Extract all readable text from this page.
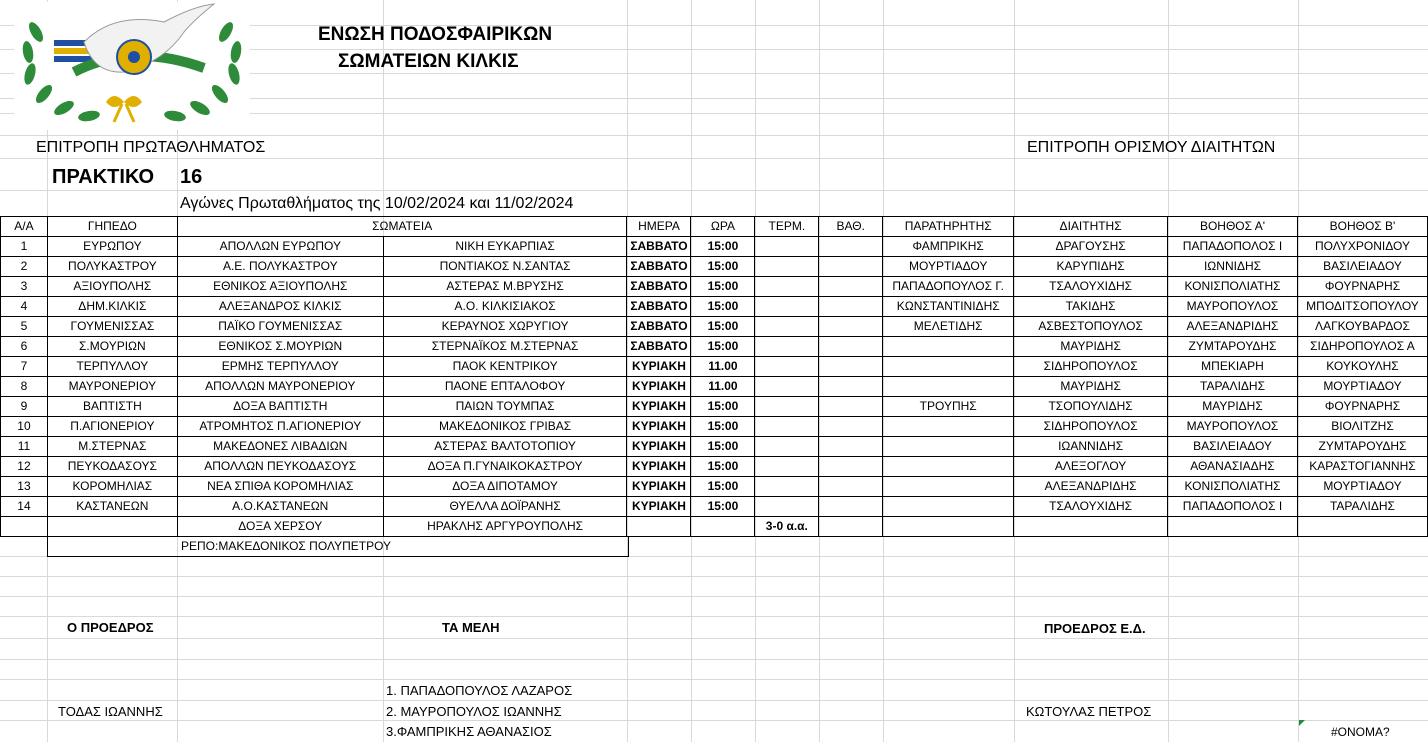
ΕΝΩΣΗ ΠΟΔΟΣΦΑΙΡΙΚΩΝ
ΣΩΜΑΤΕΙΩΝ ΚΙΛΚΙΣ
ΕΠΙΤΡΟΠΗ ΠΡΩΤΑΘΛΗΜΑΤΟΣ	ΕΠΙΤΡΟΠΗ ΟΡΙΣΜΟΥ ΔΙΑΙΤΗΤΩΝ
ΠΡΑΚΤΙΚΟ 16
Αγώνες Πρωταθλήματος της 10/02/2024 και 11/02/2024
Α/Α	ΓΗΠΕΔΟ	ΣΩΜΑΤΕΙΑ		ΗΜΕΡΑ	ΩΡΑ	ΤΕΡΜ.	ΒΑΘ.	ΠΑΡΑΤΗΡΗΤΗΣ	ΔΙΑΙΤΗΤΗΣ	ΒΟΗΘΟΣ Α'	ΒΟΗΘΟΣ Β'
1	ΕΥΡΩΠΟΥ	ΑΠΟΛΛΩΝ ΕΥΡΩΠΟΥ	ΝΙΚΗ ΕΥΚΑΡΠΙΑΣ	ΣΑΒΒΑΤΟ	15:00			ΦΑΜΠΡΙΚΗΣ	ΔΡΑΓΟΥΣΗΣ	ΠΑΠΑΔΟΠΟΛΟΣ Ι	ΠΟΛΥΧΡΟΝΙΔΟΥ
2	ΠΟΛΥΚΑΣΤΡΟΥ	Α.Ε. ΠΟΛΥΚΑΣΤΡΟΥ	ΠΟΝΤΙΑΚΟΣ Ν.ΣΑΝΤΑΣ	ΣΑΒΒΑΤΟ	15:00			ΜΟΥΡΤΙΑΔΟΥ	ΚΑΡΥΠΙΔΗΣ	ΙΩΝΝΙΔΗΣ	ΒΑΣΙΛΕΙΑΔΟΥ
3	ΑΞΙΟΥΠΟΛΗΣ	ΕΘΝΙΚΟΣ ΑΞΙΟΥΠΟΛΗΣ	ΑΣΤΕΡΑΣ Μ.ΒΡΥΣΗΣ	ΣΑΒΒΑΤΟ	15:00			ΠΑΠΑΔΟΠΟΥΛΟΣ Γ.	ΤΣΑΛΟΥΧΙΔΗΣ	ΚΟΝΙΣΠΟΛΙΑΤΗΣ	ΦΟΥΡΝΑΡΗΣ
4	ΔΗΜ.ΚΙΛΚΙΣ	ΑΛΕΞΑΝΔΡΟΣ ΚΙΛΚΙΣ	Α.Ο. ΚΙΛΚΙΣΙΑΚΟΣ	ΣΑΒΒΑΤΟ	15:00			ΚΩΝΣΤΑΝΤΙΝΙΔΗΣ	ΤΑΚΙΔΗΣ	ΜΑΥΡΟΠΟΥΛΟΣ	ΜΠΟΔΙΤΣΟΠΟΥΛΟΥ
5	ΓΟΥΜΕΝΙΣΣΑΣ	ΠΑΪΚΟ ΓΟΥΜΕΝΙΣΣΑΣ	ΚΕΡΑΥΝΟΣ ΧΩΡΥΓΙΟΥ	ΣΑΒΒΑΤΟ	15:00			ΜΕΛΕΤΙΔΗΣ	ΑΣΒΕΣΤΟΠΟΥΛΟΣ	ΑΛΕΞΑΝΔΡΙΔΗΣ	ΛΑΓΚΟΥΒΑΡΔΟΣ
6	Σ.ΜΟΥΡΙΩΝ	ΕΘΝΙΚΟΣ Σ.ΜΟΥΡΙΩΝ	ΣΤΕΡΝΑΪΚΟΣ Μ.ΣΤΕΡΝΑΣ	ΣΑΒΒΑΤΟ	15:00				ΜΑΥΡΙΔΗΣ	ΖΥΜΤΑΡΟΥΔΗΣ	ΣΙΔΗΡΟΠΟΥΛΟΣ Α
7	ΤΕΡΠΥΛΛΟΥ	ΕΡΜΗΣ ΤΕΡΠΥΛΛΟΥ	ΠΑΟΚ ΚΕΝΤΡΙΚΟΥ	ΚΥΡΙΑΚΗ	11.00				ΣΙΔΗΡΟΠΟΥΛΟΣ	ΜΠΕΚΙΑΡΗ	ΚΟΥΚΟΥΛΗΣ
8	ΜΑΥΡΟΝΕΡΙΟΥ	ΑΠΟΛΛΩΝ ΜΑΥΡΟΝΕΡΙΟΥ	ΠΑΟΝΕ ΕΠΤΑΛΟΦΟΥ	ΚΥΡΙΑΚΗ	11.00				ΜΑΥΡΙΔΗΣ	ΤΑΡΑΛΙΔΗΣ	ΜΟΥΡΤΙΑΔΟΥ
9	ΒΑΠΤΙΣΤΗ	ΔΟΞΑ ΒΑΠΤΙΣΤΗ	ΠΑΙΩΝ ΤΟΥΜΠΑΣ	ΚΥΡΙΑΚΗ	15:00			ΤΡΟΥΠΗΣ	ΤΣΟΠΟΥΛΙΔΗΣ	ΜΑΥΡΙΔΗΣ	ΦΟΥΡΝΑΡΗΣ
10	Π.ΑΓΙΟΝΕΡΙΟΥ	ΑΤΡΟΜΗΤΟΣ Π.ΑΓΙΟΝΕΡΙΟΥ	ΜΑΚΕΔΟΝΙΚΟΣ ΓΡΙΒΑΣ	ΚΥΡΙΑΚΗ	15:00				ΣΙΔΗΡΟΠΟΥΛΟΣ	ΜΑΥΡΟΠΟΥΛΟΣ	ΒΙΟΛΙΤΖΗΣ
11	Μ.ΣΤΕΡΝΑΣ	ΜΑΚΕΔΟΝΕΣ ΛΙΒΑΔΙΩΝ	ΑΣΤΕΡΑΣ ΒΑΛΤΟΤΟΠΙΟΥ	ΚΥΡΙΑΚΗ	15:00				ΙΩΑΝΝΙΔΗΣ	ΒΑΣΙΛΕΙΑΔΟΥ	ΖΥΜΤΑΡΟΥΔΗΣ
12	ΠΕΥΚΟΔΑΣΟΥΣ	ΑΠΟΛΛΩΝ ΠΕΥΚΟΔΑΣΟΥΣ	ΔΟΞΑ Π.ΓΥΝΑΙΚΟΚΑΣΤΡΟΥ	ΚΥΡΙΑΚΗ	15:00				ΑΛΕΞΟΓΛΟΥ	ΑΘΑΝΑΣΙΑΔΗΣ	ΚΑΡΑΣΤΟΓΙΑΝΝΗΣ
13	ΚΟΡΟΜΗΛΙΑΣ	ΝΕΑ ΣΠΙΘΑ ΚΟΡΟΜΗΛΙΑΣ	ΔΟΞΑ ΔΙΠΟΤΑΜΟΥ	ΚΥΡΙΑΚΗ	15:00				ΑΛΕΞΑΝΔΡΙΔΗΣ	ΚΟΝΙΣΠΟΛΙΑΤΗΣ	ΜΟΥΡΤΙΑΔΟΥ
14	ΚΑΣΤΑΝΕΩΝ	Α.Ο.ΚΑΣΤΑΝΕΩΝ	ΘΥΕΛΛΑ ΔΟΪΡΑΝΗΣ	ΚΥΡΙΑΚΗ	15:00				ΤΣΑΛΟΥΧΙΔΗΣ	ΠΑΠΑΔΟΠΟΛΟΣ Ι	ΤΑΡΑΛΙΔΗΣ
		ΔΟΞΑ ΧΕΡΣΟΥ	ΗΡΑΚΛΗΣ ΑΡΓΥΡΟΥΠΟΛΗΣ			3-0 α.α.					
ΡΕΠΟ:ΜΑΚΕΔΟΝΙΚΟΣ ΠΟΛΥΠΕΤΡΟΥ
Ο ΠΡΟΕΔΡΟΣ
ΤΟΔΑΣ ΙΩΑΝΝΗΣ
ΤΑ ΜΕΛΗ
1. ΠΑΠΑΔΟΠΟΥΛΟΣ ΛΑΖΑΡΟΣ
2. ΜΑΥΡΟΠΟΥΛΟΣ ΙΩΑΝΝΗΣ
3.ΦΑΜΠΡΙΚΗΣ ΑΘΑΝΑΣΙΟΣ
ΠΡΟΕΔΡΟΣ Ε.Δ.
ΚΩΤΟΥΛΑΣ ΠΕΤΡΟΣ
#ΟΝΟΜΑ?
